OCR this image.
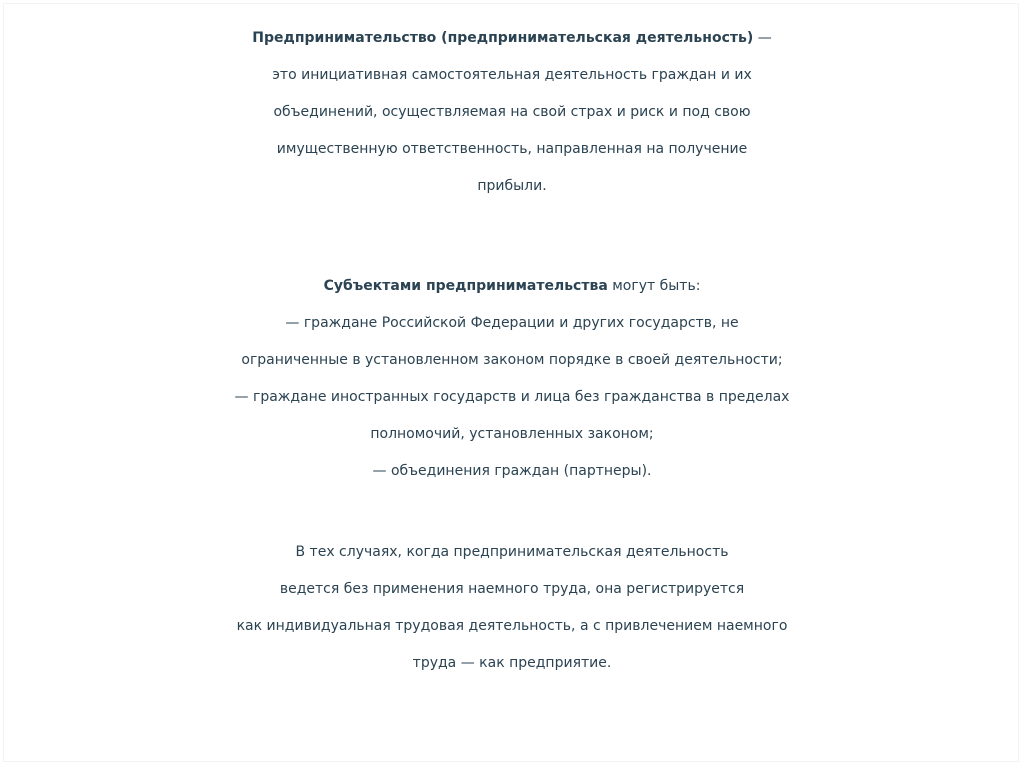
Предпринимательство (предпринимательская деятельность) —
это инициативная самостоятельная деятельность граждан и их
объединений, осуществляемая на свой страх и риск и под свою
имущественную ответственность, направленная на получение
прибыли.
Субъектами предпринимательства могут быть:
— граждане Российской Федерации и других государств, не
ограниченные в установленном законом порядке в своей деятельности;
— граждане иностранных государств и лица без гражданства в пределах
полномочий, установленных законом;
— объединения граждан (партнеры).
В тех случаях, когда предпринимательская деятельность
ведется без применения наемного труда, она регистрируется
как индивидуальная трудовая деятельность, а с привлечением наемного
труда — как предприятие.
